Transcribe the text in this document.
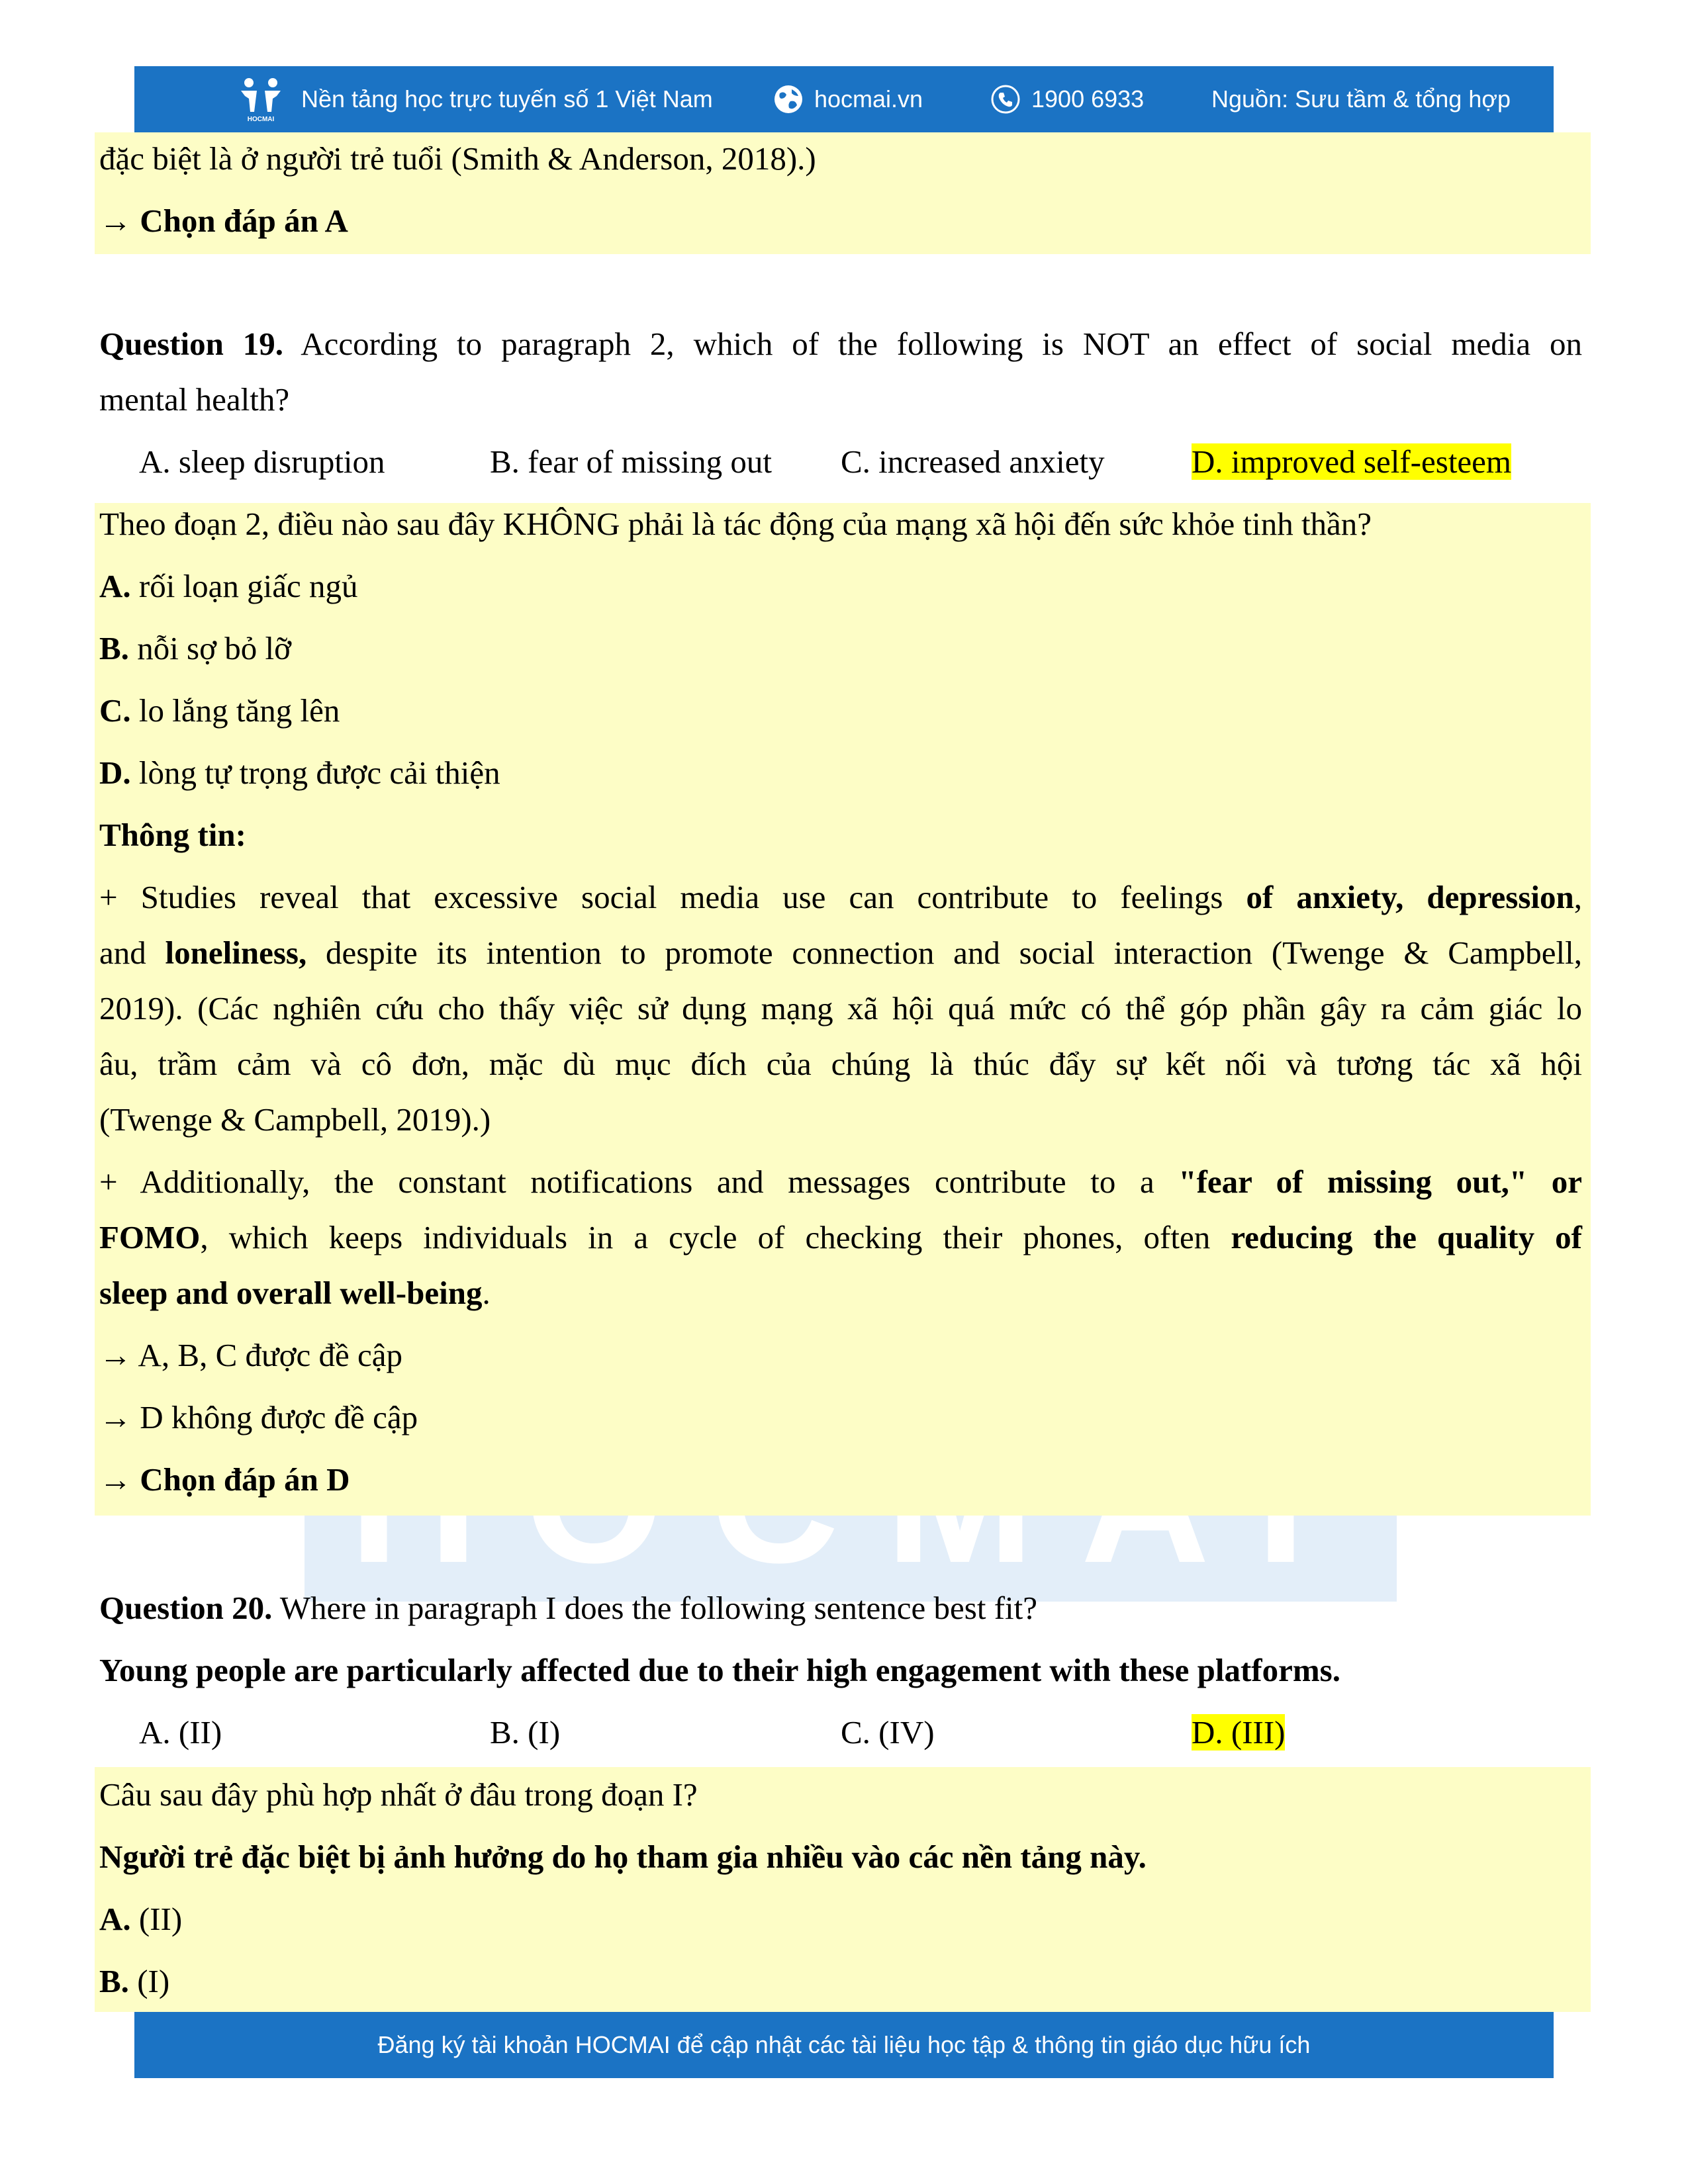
HOCMAI
Nền tảng học trực tuyến số 1 Việt Nam	hocmai.vn	1900 6933	Nguồn: Sưu tầm & tổng hợp
đặc biệt là ở người trẻ tuổi (Smith & Anderson, 2018).)
→ Chọn đáp án A
Question 19. According to paragraph 2, which of the following is NOT an effect of social media on
mental health?
A. sleep disruption	B. fear of missing out C. increased anxiety	D. improved self-esteem
Theo đoạn 2, điều nào sau đây KHÔNG phải là tác động của mạng xã hội đến sức khỏe tinh thần?
A. rối loạn giấc ngủ
B. nỗi sợ bỏ lỡ
C. lo lắng tăng lên
D. lòng tự trọng được cải thiện
Thông tin:
+ Studies reveal that excessive social media use can contribute to feelings of anxiety, depression,
and loneliness, despite its intention to promote connection and social interaction (Twenge & Campbell,
2019). (Các nghiên cứu cho thấy việc sử dụng mạng xã hội quá mức có thể góp phần gây ra cảm giác lo
âu, trầm cảm và cô đơn, mặc dù mục đích của chúng là thúc đẩy sự kết nối và tương tác xã hội
(Twenge & Campbell, 2019).)
+ Additionally, the constant notifications and messages contribute to a "fear of missing out," or
FOMO, which keeps individuals in a cycle of checking their phones, often reducing the quality of
sleep and overall well-being.
→ A, B, C được đề cập
→ D không được đề cập
→ Chọn đáp án D
Question 20. Where in paragraph I does the following sentence best fit?
Young people are particularly affected due to their high engagement with these platforms.
A. (II)	B. (I)	C. (IV)	D. (III)
Câu sau đây phù hợp nhất ở đâu trong đoạn I?
Người trẻ đặc biệt bị ảnh hưởng do họ tham gia nhiều vào các nền tảng này.
A. (II)
B. (I)
Đăng ký tài khoản HOCMAI để cập nhật các tài liệu học tập & thông tin giáo dục hữu ích
